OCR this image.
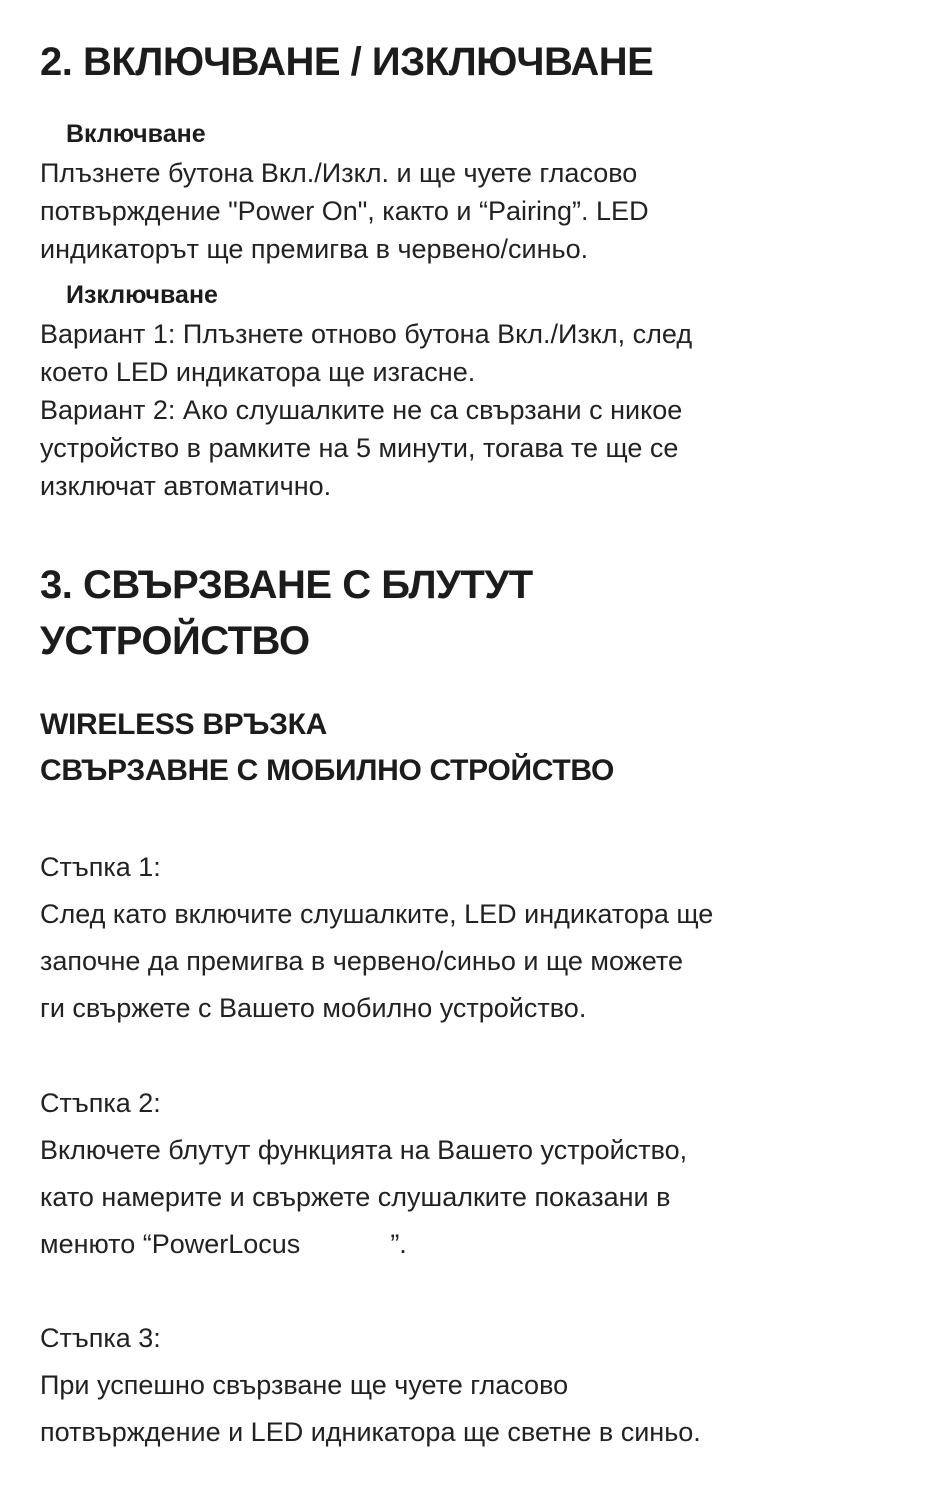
2. ВКЛЮЧВАНЕ / ИЗКЛЮЧВАНЕ
Включване

Плъзнете бутона Вкл./Изкл. и ще чуете гласово
потвърждение "Power On", както и “Pairing”. LED
индикаторът ще премигва в червено/синьо.

Изключване

Вариант 1: Плъзнете отново бутона Вкл./Изкл, след
което LED индикатора ще изгасне.
Вариант 2: Ако слушалките не са свързани с никое
устройство в рамките на 5 минути, тогава те ще се
изключат автоматично.

3. СВЪРЗВАНЕ С БЛУТУТ
УСТРОЙСТВО
WIRELESS ВРЪЗКА
СВЪРЗАВНЕ С МОБИЛНО СТРОЙСТВО

Стъпка 1:
След като включите слушалките, LED индикатора ще
започне да премигва в червено/синьо и ще можете
ги свържете с Вашето мобилно устройство.

Стъпка 2:
Включете блутут функцията на Вашето устройство,
като намерите и свържете слушалките показани в
менюто “PowerLocus            ”.

Стъпка 3:
При успешно свързване ще чуете гласово
потвърждение и LED идникатора ще светне в синьо.
